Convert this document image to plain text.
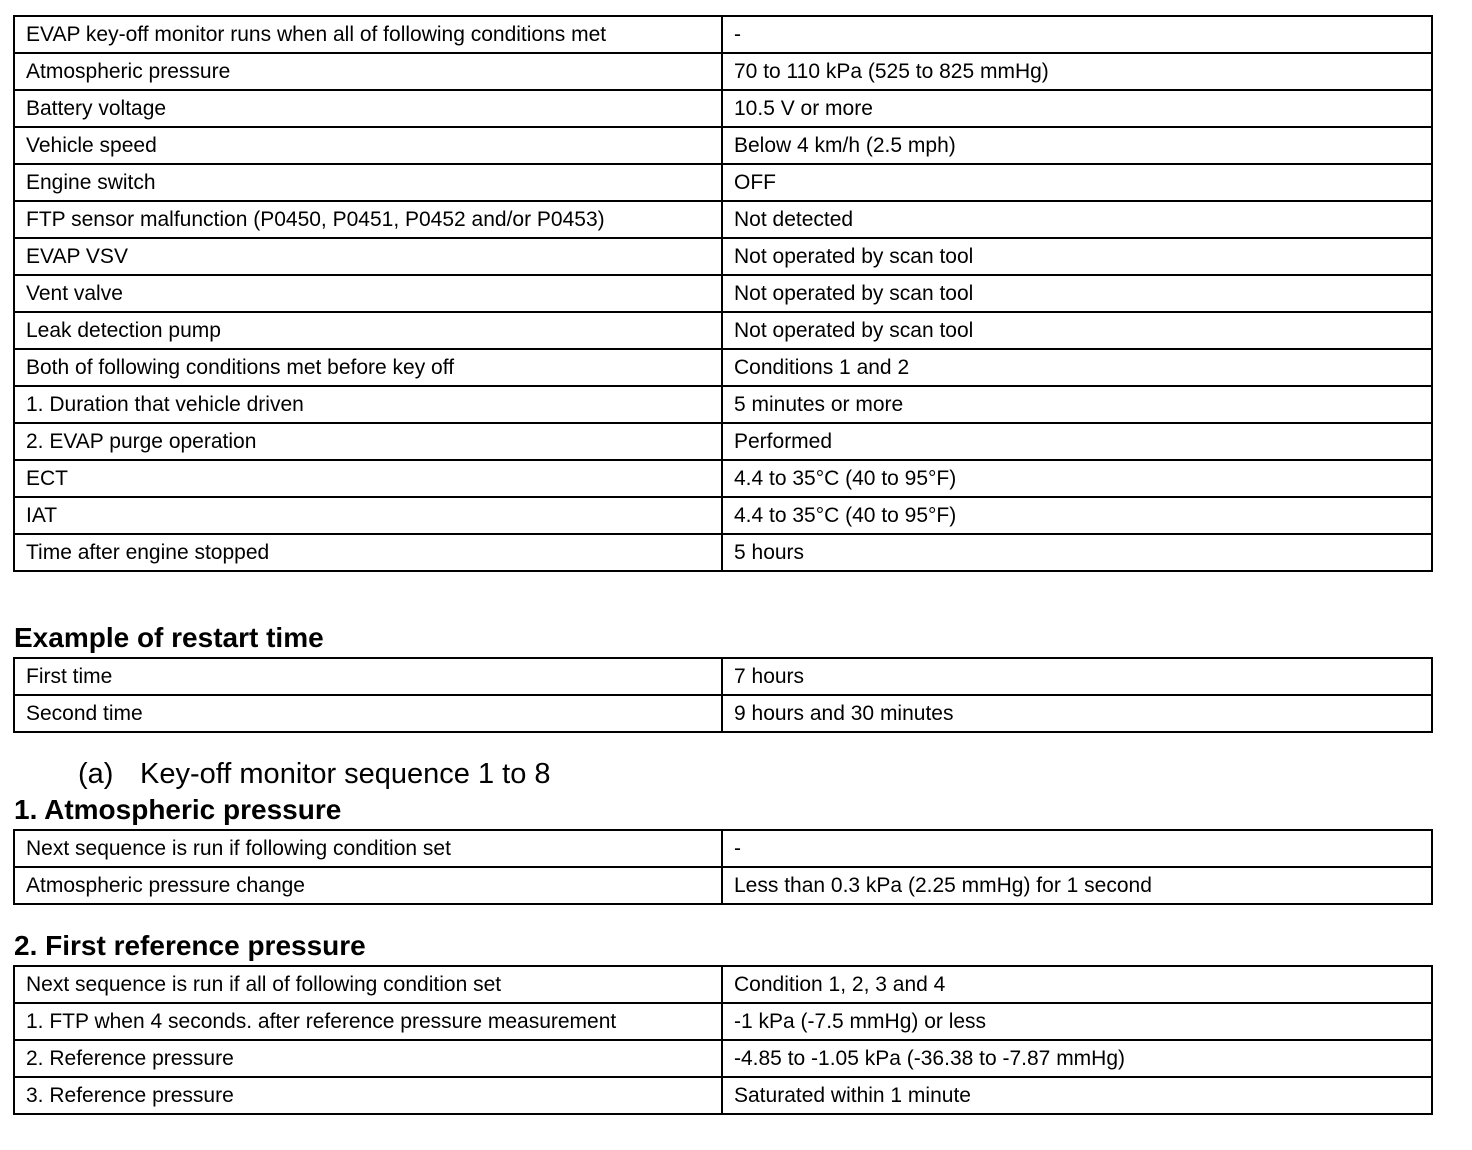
EVAP key-off monitor runs when all of following conditions met	-
Atmospheric pressure	70 to 110 kPa (525 to 825 mmHg)
Battery voltage	10.5 V or more
Vehicle speed	Below 4 km/h (2.5 mph)
Engine switch	OFF
FTP sensor malfunction (P0450, P0451, P0452 and/or P0453)	Not detected
EVAP VSV	Not operated by scan tool
Vent valve	Not operated by scan tool
Leak detection pump	Not operated by scan tool
Both of following conditions met before key off	Conditions 1 and 2
1. Duration that vehicle driven	5 minutes or more
2. EVAP purge operation	Performed
ECT	4.4 to 35°C (40 to 95°F)
IAT	4.4 to 35°C (40 to 95°F)
Time after engine stopped	5 hours
Example of restart time
First time	7 hours
Second time	9 hours and 30 minutes

(a) Key-off monitor sequence 1 to 8

1. Atmospheric pressure
Next sequence is run if following condition set	-
Atmospheric pressure change	Less than 0.3 kPa (2.25 mmHg) for 1 second
2. First reference pressure
Next sequence is run if all of following condition set	Condition 1, 2, 3 and 4
1. FTP when 4 seconds. after reference pressure measurement	-1 kPa (-7.5 mmHg) or less
2. Reference pressure	-4.85 to -1.05 kPa (-36.38 to -7.87 mmHg)
3. Reference pressure	Saturated within 1 minute
